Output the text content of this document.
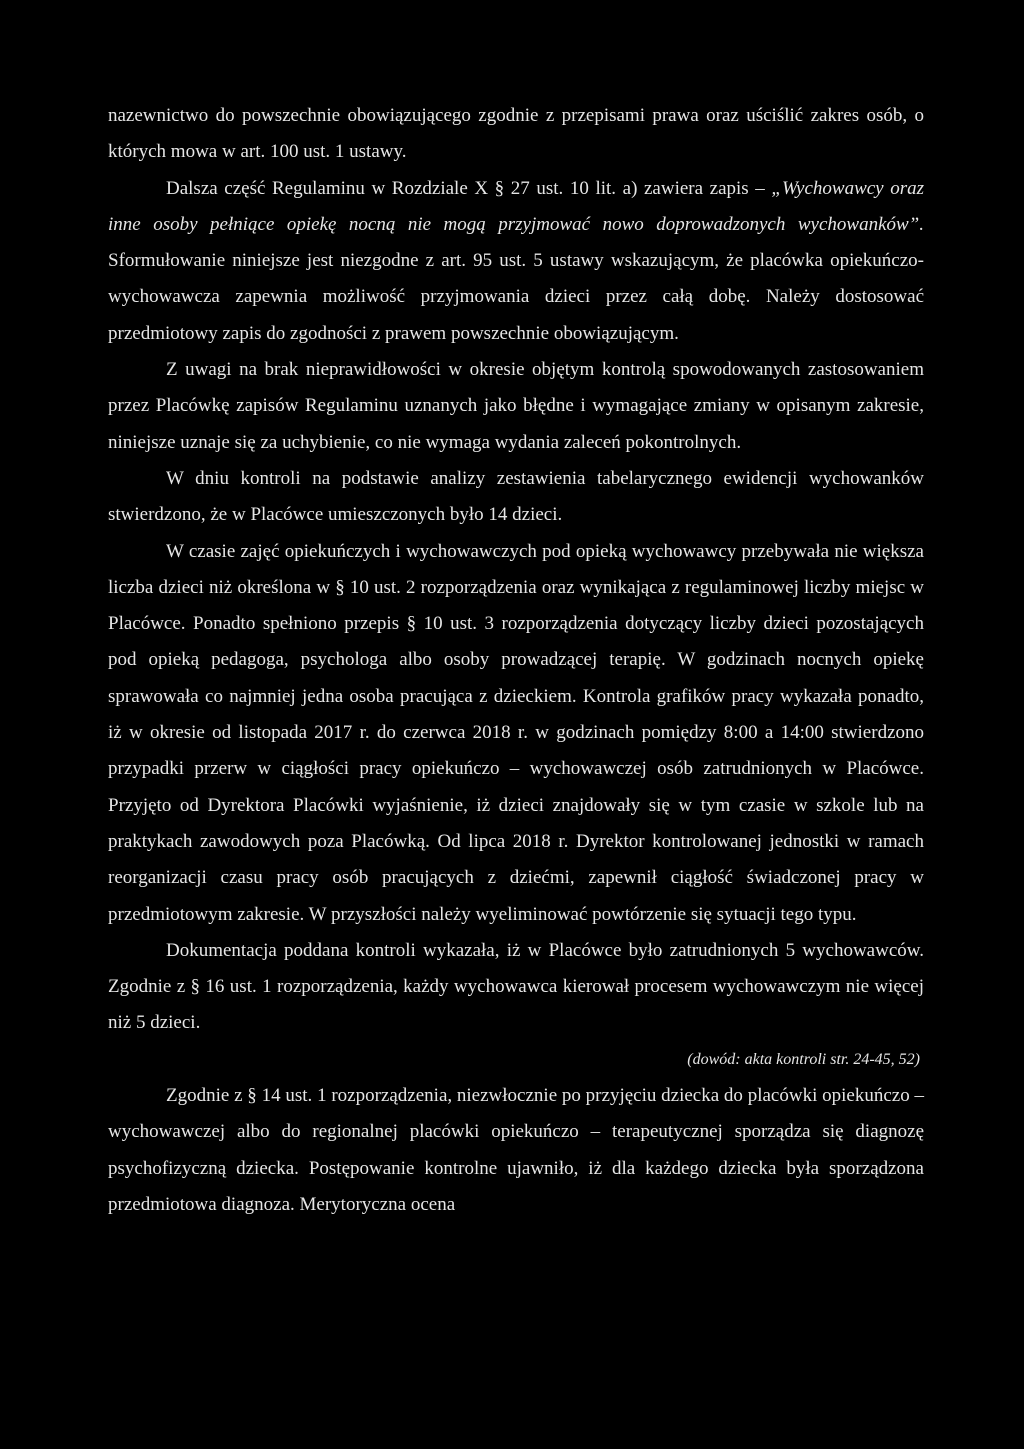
nazewnictwo do powszechnie obowiązującego zgodnie z przepisami prawa oraz uściślić zakres osób, o których mowa w art. 100 ust. 1 ustawy.

Dalsza część Regulaminu w Rozdziale X § 27 ust. 10 lit. a) zawiera zapis – „Wychowawcy oraz inne osoby pełniące opiekę nocną nie mogą przyjmować nowo doprowadzonych wychowanków”. Sformułowanie niniejsze jest niezgodne z art. 95 ust. 5 ustawy wskazującym, że placówka opiekuńczo-wychowawcza zapewnia możliwość przyjmowania dzieci przez całą dobę. Należy dostosować przedmiotowy zapis do zgodności z prawem powszechnie obowiązującym.

Z uwagi na brak nieprawidłowości w okresie objętym kontrolą spowodowanych zastosowaniem przez Placówkę zapisów Regulaminu uznanych jako błędne i wymagające zmiany w opisanym zakresie, niniejsze uznaje się za uchybienie, co nie wymaga wydania zaleceń pokontrolnych.

W dniu kontroli na podstawie analizy zestawienia tabelarycznego ewidencji wychowanków stwierdzono, że w Placówce umieszczonych było 14 dzieci.

W czasie zajęć opiekuńczych i wychowawczych pod opieką wychowawcy przebywała nie większa liczba dzieci niż określona w § 10 ust. 2 rozporządzenia oraz wynikająca z regulaminowej liczby miejsc w Placówce. Ponadto spełniono przepis § 10 ust. 3 rozporządzenia dotyczący liczby dzieci pozostających pod opieką pedagoga, psychologa albo osoby prowadzącej terapię. W godzinach nocnych opiekę sprawowała co najmniej jedna osoba pracująca z dzieckiem. Kontrola grafików pracy wykazała ponadto, iż w okresie od listopada 2017 r. do czerwca 2018 r. w godzinach pomiędzy 8:00 a 14:00 stwierdzono przypadki przerw w ciągłości pracy opiekuńczo – wychowawczej osób zatrudnionych w Placówce. Przyjęto od Dyrektora Placówki wyjaśnienie, iż dzieci znajdowały się w tym czasie w szkole lub na praktykach zawodowych poza Placówką. Od lipca 2018 r. Dyrektor kontrolowanej jednostki w ramach reorganizacji czasu pracy osób pracujących z dziećmi, zapewnił ciągłość świadczonej pracy w przedmiotowym zakresie. W przyszłości należy wyeliminować powtórzenie się sytuacji tego typu.

Dokumentacja poddana kontroli wykazała, iż w Placówce było zatrudnionych 5 wychowawców. Zgodnie z § 16 ust. 1 rozporządzenia, każdy wychowawca kierował procesem wychowawczym nie więcej niż 5 dzieci.

(dowód: akta kontroli str. 24-45, 52)

Zgodnie z § 14 ust. 1 rozporządzenia, niezwłocznie po przyjęciu dziecka do placówki opiekuńczo – wychowawczej albo do regionalnej placówki opiekuńczo – terapeutycznej sporządza się diagnozę psychofizyczną dziecka. Postępowanie kontrolne ujawniło, iż dla każdego dziecka była sporządzona przedmiotowa diagnoza. Merytoryczna ocena
